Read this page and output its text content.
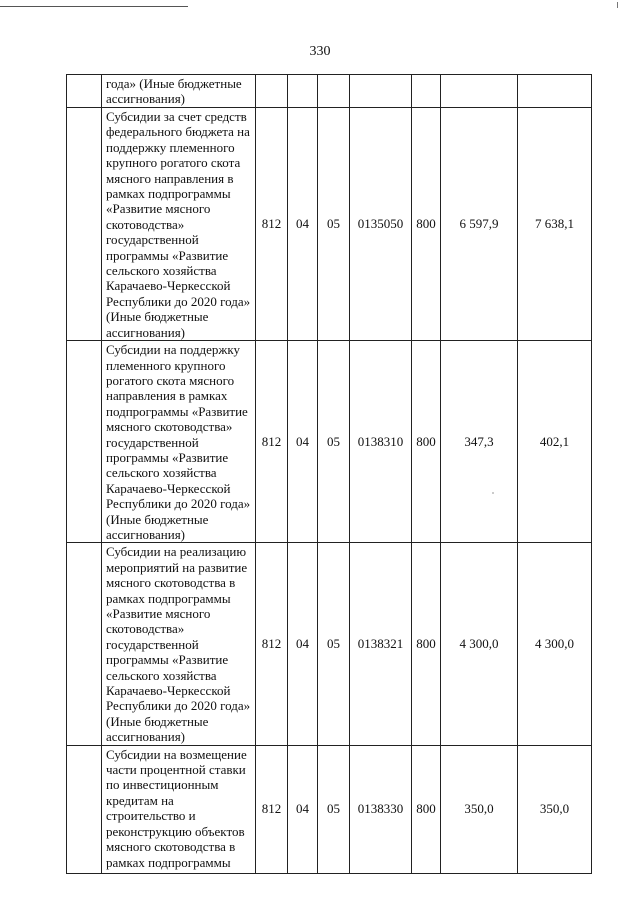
330
	года» (Иные бюджетные ассигнования)							
	Субсидии за счет средств федерального бюджета на поддержку племенного крупного рогатого скота мясного направления в рамках подпрограммы «Развитие мясного скотоводства» государственной программы «Развитие сельского хозяйства Карачаево-Черкесской Республики до 2020 года» (Иные бюджетные ассигнования)	812	04	05	0135050	800	6 597,9	7 638,1
	Субсидии на поддержку племенного крупного рогатого скота мясного направления в рамках подпрограммы «Развитие мясного скотоводства» государственной программы «Развитие сельского хозяйства Карачаево-Черкесской Республики до 2020 года» (Иные бюджетные ассигнования)	812	04	05	0138310	800	347,3	402,1
	Субсидии на реализацию мероприятий на развитие мясного скотоводства в рамках подпрограммы «Развитие мясного скотоводства» государственной программы «Развитие сельского хозяйства Карачаево-Черкесской Республики до 2020 года» (Иные бюджетные ассигнования)	812	04	05	0138321	800	4 300,0	4 300,0
	Субсидии на возмещение части процентной ставки по инвестиционным кредитам на строительство и реконструкцию объектов мясного скотоводства в рамках подпрограммы	812	04	05	0138330	800	350,0	350,0
